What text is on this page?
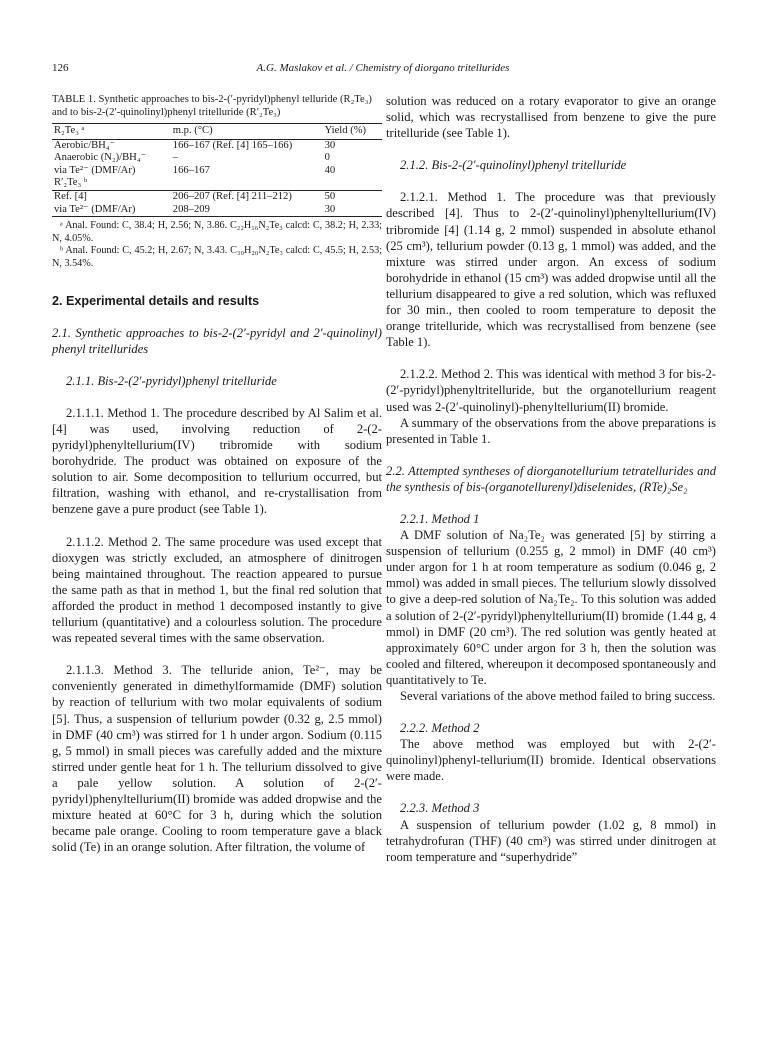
126	A.G. Maslakov et al. / Chemistry of diorgano tritellurides

TABLE 1. Synthetic approaches to bis-2-(′-pyridyl)phenyl telluride (R₂Te₃) and to bis-2-(2′-quinolinyl)phenyl tritelluride (R′₂Te₃)

R₂Te₃ ᵃ	m.p. (°C)	Yield (%)
Aerobic/BH₄⁻	166–167 (Ref. [4] 165–166)	30
Anaerobic (N₂)/BH₄⁻	–	0
via Te²⁻ (DMF/Ar)	166–167	40
R′₂Te₃ ᵇ		
Ref. [4]	206–207 (Ref. [4] 211–212)	50
via Te²⁻ (DMF/Ar)	208–209	30

ᵃ Anal. Found: C, 38.4; H, 2.56; N, 3.86. C₂₂H₁₆N₂Te₃ calcd: C, 38.2; H, 2.33; N, 4.05%.

ᵇ Anal. Found: C, 45.2; H, 2.67; N, 3.43. C₃₀H₂₀N₂Te₃ calcd: C, 45.5; H, 2.53; N, 3.54%.

2. Experimental details and results

2.1. Synthetic approaches to bis-2-(2′-pyridyl and 2′-quinolinyl) phenyl tritellurides

2.1.1. Bis-2-(2′-pyridyl)phenyl tritelluride

2.1.1.1. Method 1. The procedure described by Al Salim et al. [4] was used, involving reduction of 2-(2-pyridyl)phenyltellurium(IV) tribromide with sodium borohydride. The product was obtained on exposure of the solution to air. Some decomposition to tellurium occurred, but filtration, washing with ethanol, and re-crystallisation from benzene gave a pure product (see Table 1).

2.1.1.2. Method 2. The same procedure was used except that dioxygen was strictly excluded, an atmosphere of dinitrogen being maintained throughout. The reaction appeared to pursue the same path as that in method 1, but the final red solution that afforded the product in method 1 decomposed instantly to give tellurium (quantitative) and a colourless solution. The procedure was repeated several times with the same observation.

2.1.1.3. Method 3. The telluride anion, Te²⁻, may be conveniently generated in dimethylformamide (DMF) solution by reaction of tellurium with two molar equivalents of sodium [5]. Thus, a suspension of tellurium powder (0.32 g, 2.5 mmol) in DMF (40 cm³) was stirred for 1 h under argon. Sodium (0.115 g, 5 mmol) in small pieces was carefully added and the mixture stirred under gentle heat for 1 h. The tellurium dissolved to give a pale yellow solution. A solution of 2-(2′-pyridyl)phenyltellurium(II) bromide was added dropwise and the mixture heated at 60°C for 3 h, during which the solution became pale orange. Cooling to room temperature gave a black solid (Te) in an orange solution. After filtration, the volume of

solution was reduced on a rotary evaporator to give an orange solid, which was recrystallised from benzene to give the pure tritelluride (see Table 1).

2.1.2. Bis-2-(2′-quinolinyl)phenyl tritelluride

2.1.2.1. Method 1. The procedure was that previously described [4]. Thus to 2-(2′-quinolinyl)phenyltellurium(IV) tribromide [4] (1.14 g, 2 mmol) suspended in absolute ethanol (25 cm³), tellurium powder (0.13 g, 1 mmol) was added, and the mixture was stirred under argon. An excess of sodium borohydride in ethanol (15 cm³) was added dropwise until all the tellurium disappeared to give a red solution, which was refluxed for 30 min., then cooled to room temperature to deposit the orange tritelluride, which was recrystallised from benzene (see Table 1).

2.1.2.2. Method 2. This was identical with method 3 for bis-2-(2′-pyridyl)phenyltritelluride, but the organotellurium reagent used was 2-(2′-quinolinyl)-phenyltellurium(II) bromide.

A summary of the observations from the above preparations is presented in Table 1.

2.2. Attempted syntheses of diorganotellurium tetratellurides and the synthesis of bis-(organotellurenyl)diselenides, (RTe)₂Se₂

2.2.1. Method 1

A DMF solution of Na₂Te₂ was generated [5] by stirring a suspension of tellurium (0.255 g, 2 mmol) in DMF (40 cm³) under argon for 1 h at room temperature as sodium (0.046 g, 2 mmol) was added in small pieces. The tellurium slowly dissolved to give a deep-red solution of Na₂Te₂. To this solution was added a solution of 2-(2′-pyridyl)phenyltellurium(II) bromide (1.44 g, 4 mmol) in DMF (20 cm³). The red solution was gently heated at approximately 60°C under argon for 3 h, then the solution was cooled and filtered, whereupon it decomposed spontaneously and quantitatively to Te.

Several variations of the above method failed to bring success.

2.2.2. Method 2

The above method was employed but with 2-(2′-quinolinyl)phenyl-tellurium(II) bromide. Identical observations were made.

2.2.3. Method 3

A suspension of tellurium powder (1.02 g, 8 mmol) in tetrahydrofuran (THF) (40 cm³) was stirred under dinitrogen at room temperature and “superhydride”
